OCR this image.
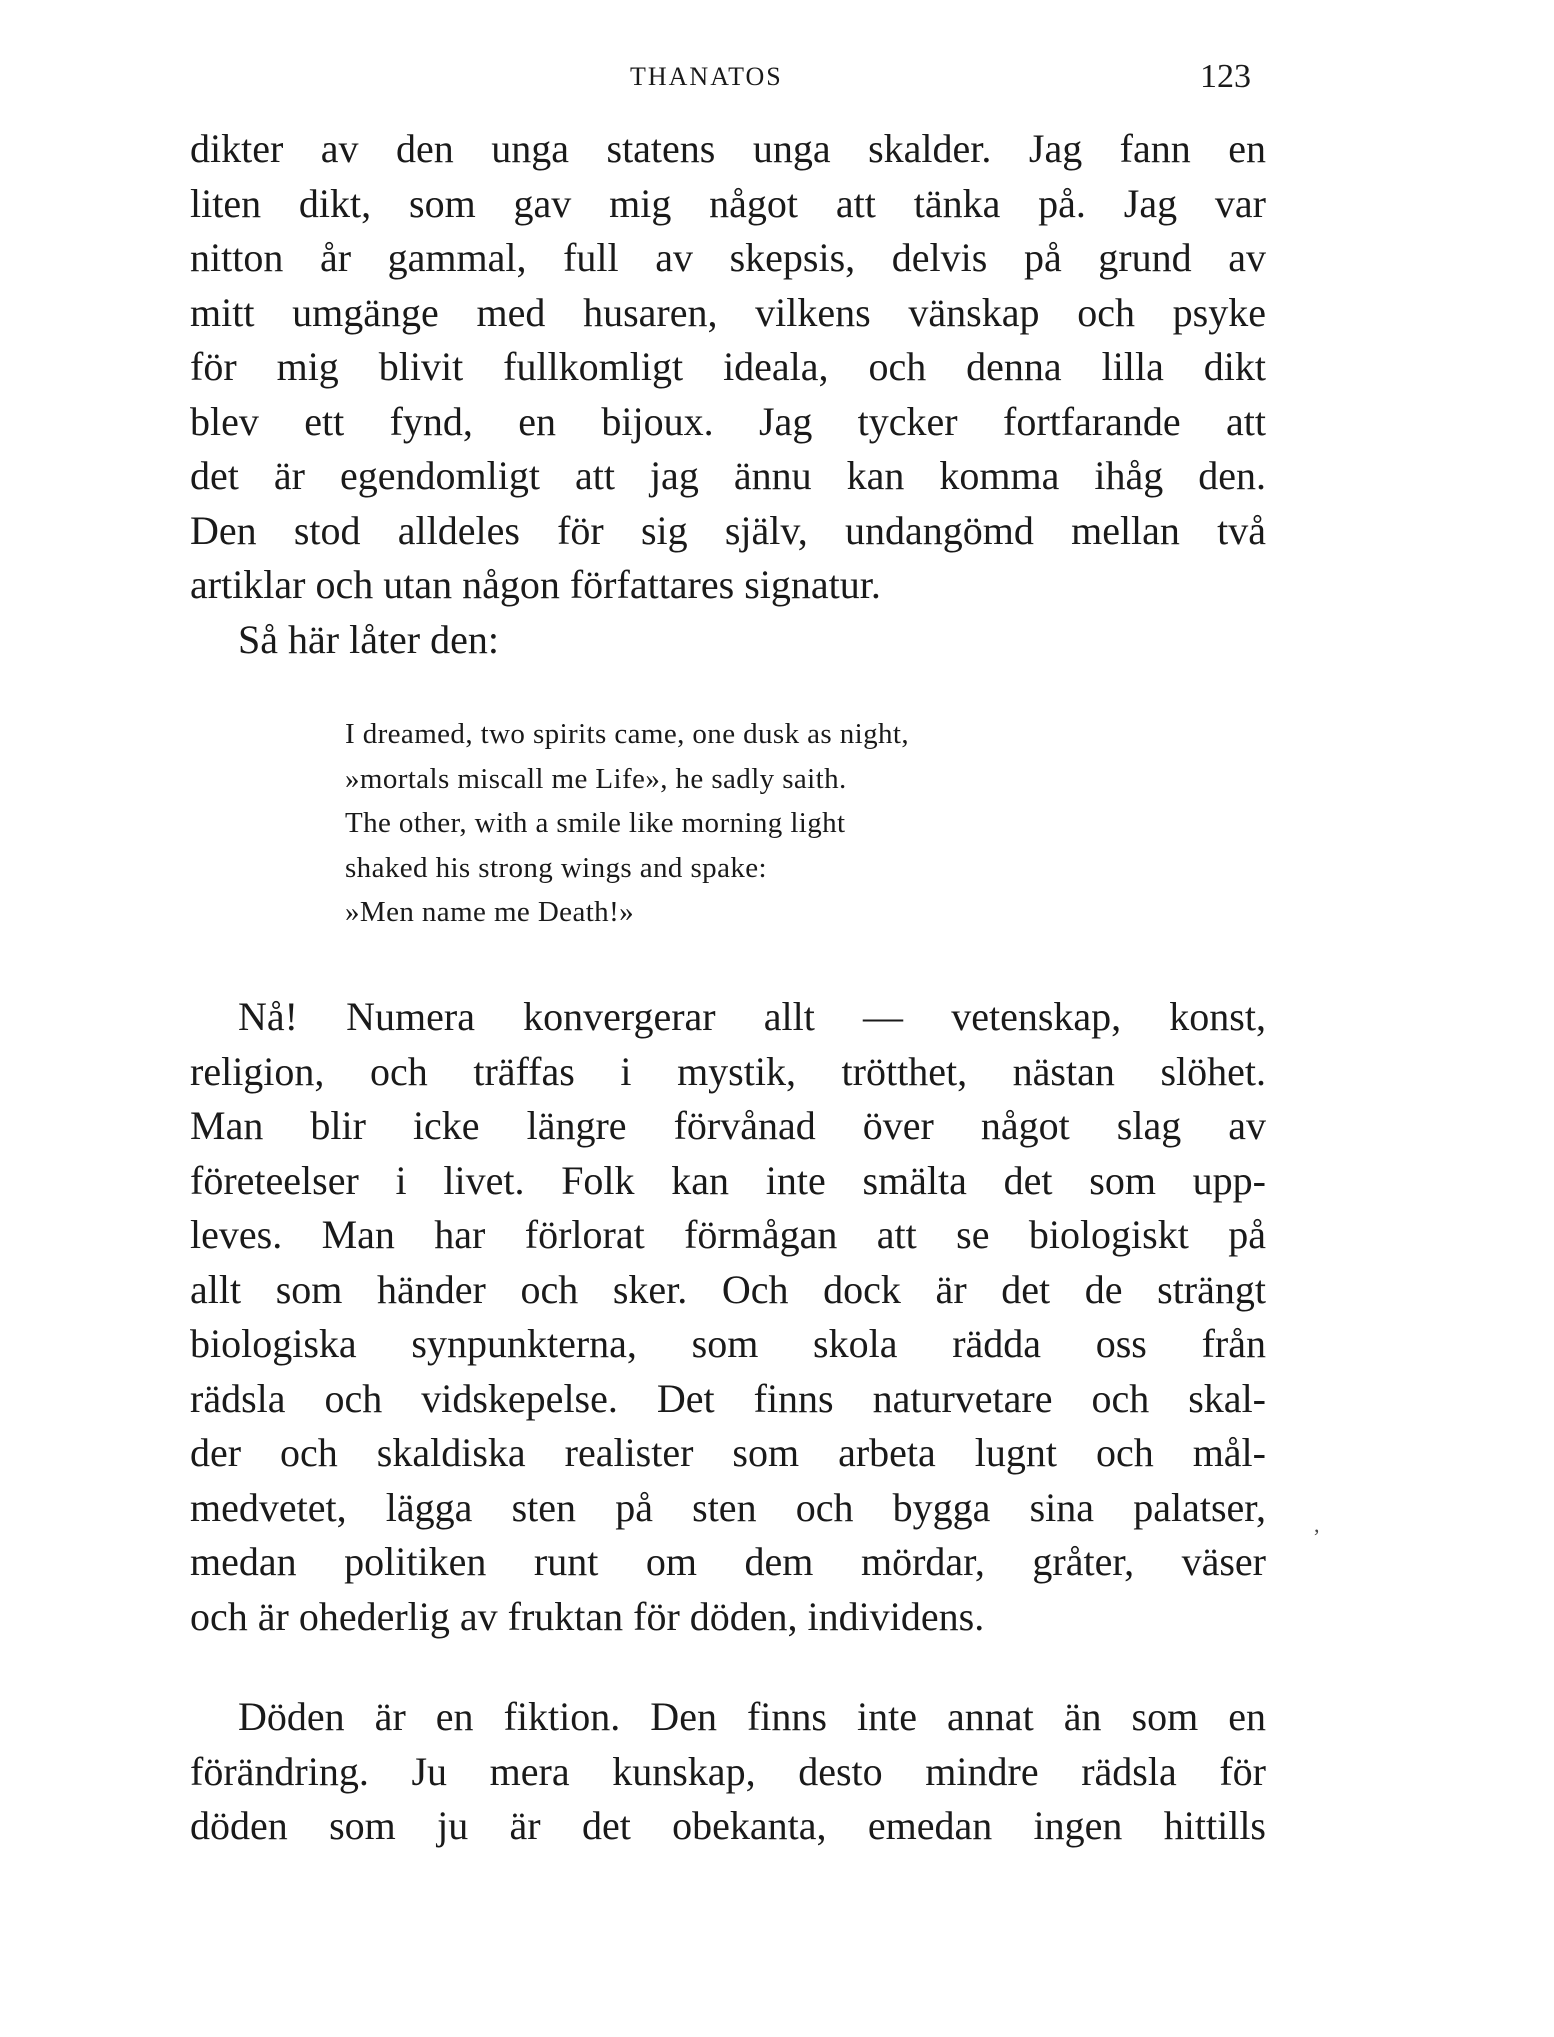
THANATOS	123
dikter av den unga statens unga skalder. Jag fann en
liten dikt, som gav mig något att tänka på. Jag var
nitton år gammal, full av skepsis, delvis på grund av
mitt umgänge med husaren, vilkens vänskap och psyke
för mig blivit fullkomligt ideala, och denna lilla dikt
blev ett fynd, en bijoux. Jag tycker fortfarande att
det är egendomligt att jag ännu kan komma ihåg den.
Den stod alldeles för sig själv, undangömd mellan två
artiklar och utan någon författares signatur.
Så här låter den:
I dreamed, two spirits came, one dusk as night,
»mortals miscall me Life», he sadly saith.
The other, with a smile like morning light
shaked his strong wings and spake:
»Men name me Death!»
Nå! Numera konvergerar allt — vetenskap, konst,
religion, och träffas i mystik, trötthet, nästan slöhet.
Man blir icke längre förvånad över något slag av
företeelser i livet. Folk kan inte smälta det som upp-
leves. Man har förlorat förmågan att se biologiskt på
allt som händer och sker. Och dock är det de strängt
biologiska synpunkterna, som skola rädda oss från
rädsla och vidskepelse. Det finns naturvetare och skal-
der och skaldiska realister som arbeta lugnt och mål-
medvetet, lägga sten på sten och bygga sina palatser,
medan politiken runt om dem mördar, gråter, väser
och är ohederlig av fruktan för döden, individens.
,
Döden är en fiktion. Den finns inte annat än som en
förändring. Ju mera kunskap, desto mindre rädsla för
döden som ju är det obekanta, emedan ingen hittills
